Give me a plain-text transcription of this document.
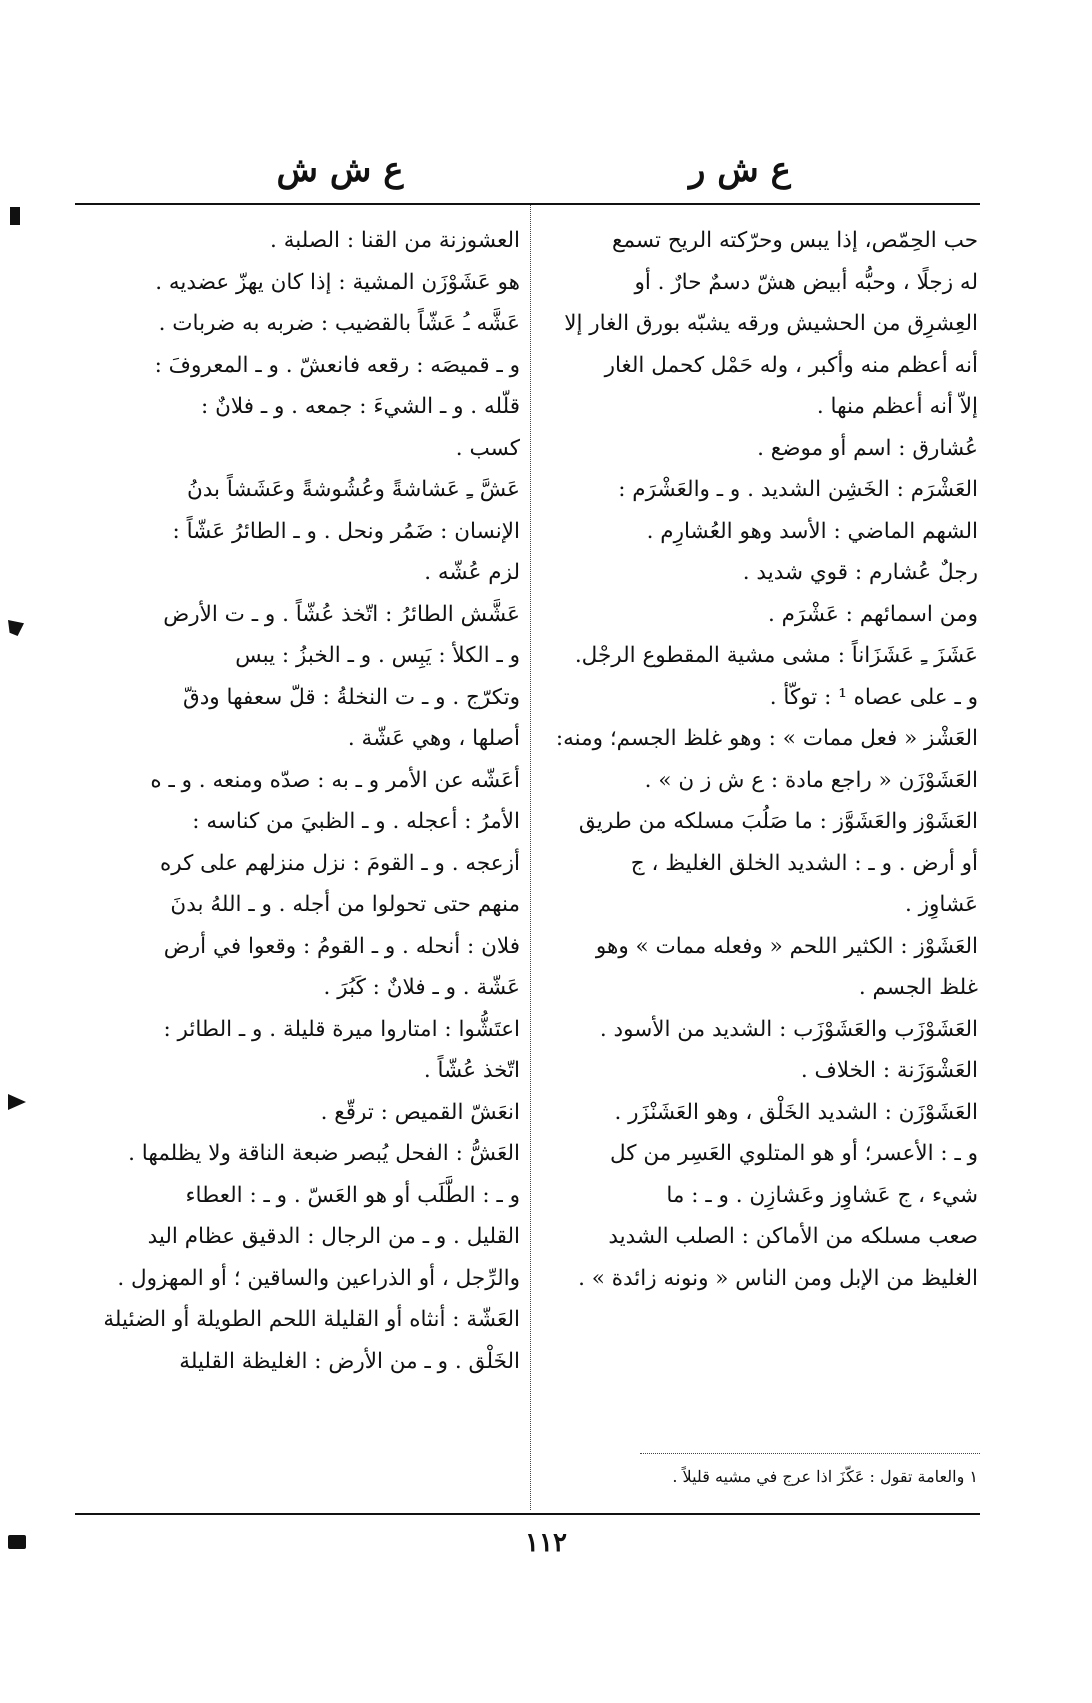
ع ش ر
ع ش ش
حب الحِمّص، إذا يبس وحرّكته الريح تسمع
له زجلًا ، وحبُّه أبيض هشّ دسمٌ حارٌ . أو
العِشرِق من الحشيش ورقه يشبّه بورق الغار إلا
أنه أعظم منه وأكبر ، وله حَمْل كحمل الغار
إلاّ أنه أعظم منها .
عُشارق : اسم أو موضع .
العَشْرَم : الخَشِن الشديد . و ـ والعَشْرَم :
الشهم الماضي : الأسد وهو العُشارِم .
رجلٌ عُشارم : قوي شديد .
ومن اسمائهم : عَشْرَم .
عَشَزَ ـِ عَشَزَاناً : مشى مشية المقطوع الرجْل.
و ـ على عصاه ¹ : توكّأ .
العَشْز « فعل ممات » : وهو غلظ الجسم؛ ومنه:
العَشَوْزَن « راجع مادة : ع ش ز ن » .
العَشَوْز والعَشَوَّز : ما صَلُبَ مسلكه من طريق
أو أرض . و ـ : الشديد الخلق الغليظ ، ج
عَشاوِز .
العَشَوْز : الكثير اللحم « وفعله ممات » وهو
غلظ الجسم .
العَشَوْزَب والعَشَوْزَب : الشديد من الأسود .
العَشْوَزَنة : الخلاف .
العَشَوْزَن : الشديد الخَلْق ، وهو العَشَنْزَر .
و ـ : الأعسر؛ أو هو المتلوي العَسِر من كل
شيء ، ج عَشاوِز وعَشازِن . و ـ : ما
صعب مسلكه من الأماكن : الصلب الشديد
الغليظ من الإبل ومن الناس « ونونه زائدة » .
العشوزنة من القنا : الصلبة .
هو عَشَوْزَن المشية : إذا كان يهزّ عضديه .
عَشَّه ـُ عَشّاً بالقضيب : ضربه به ضربات .
و ـ قميصَه : رقعه فانعشّ . و ـ المعروفَ :
قلّله . و ـ الشيءَ : جمعه . و ـ فلانٌ :
كسب .
عَشَّ ـِ عَشاشةً وعُشُوشةً وعَشَشاً بدنُ
الإنسان : ضَمُر ونحل . و ـ الطائرُ عَشّاً :
لزم عُشّه .
عَشَّش الطائرُ : اتّخذ عُشّاً . و ـ ت الأرض
و ـ الكلأ : يَبِس . و ـ الخبزُ : يبس
وتكرّج . و ـ ت النخلةُ : قلّ سعفها ودقّ
أصلها ، وهي عَشّة .
أعَشّه عن الأمر و ـ به : صدّه ومنعه . و ـ ه
الأمرُ : أعجله . و ـ الظبيَ من كناسه :
أزعجه . و ـ القومَ : نزل منزلهم على كره
منهم حتى تحولوا من أجله . و ـ اللهُ بدنَ
فلان : أنحله . و ـ القومُ : وقعوا في أرض
عَشّة . و ـ فلانٌ : كَبُرَ .
اعتَشُّوا : امتاروا ميرة قليلة . و ـ الطائر :
اتّخذ عُشّاً .
انعَشّ القميص : ترقّع .
العَشُّ : الفحل يُبصر ضبعة الناقة ولا يظلمها .
و ـ : الطَّلَب أو هو العَسّ . و ـ : العطاء
القليل . و ـ من الرجال : الدقيق عظام اليد
والرِّجل ، أو الذراعين والساقين ؛ أو المهزول .
العَشّة : أنثاه أو القليلة اللحم الطويلة أو الضئيلة
الخَلْق . و ـ من الأرض : الغليظة القليلة
١ والعامة تقول : عَكّزَ اذا عرج في مشيه قليلاً .
١١٢
